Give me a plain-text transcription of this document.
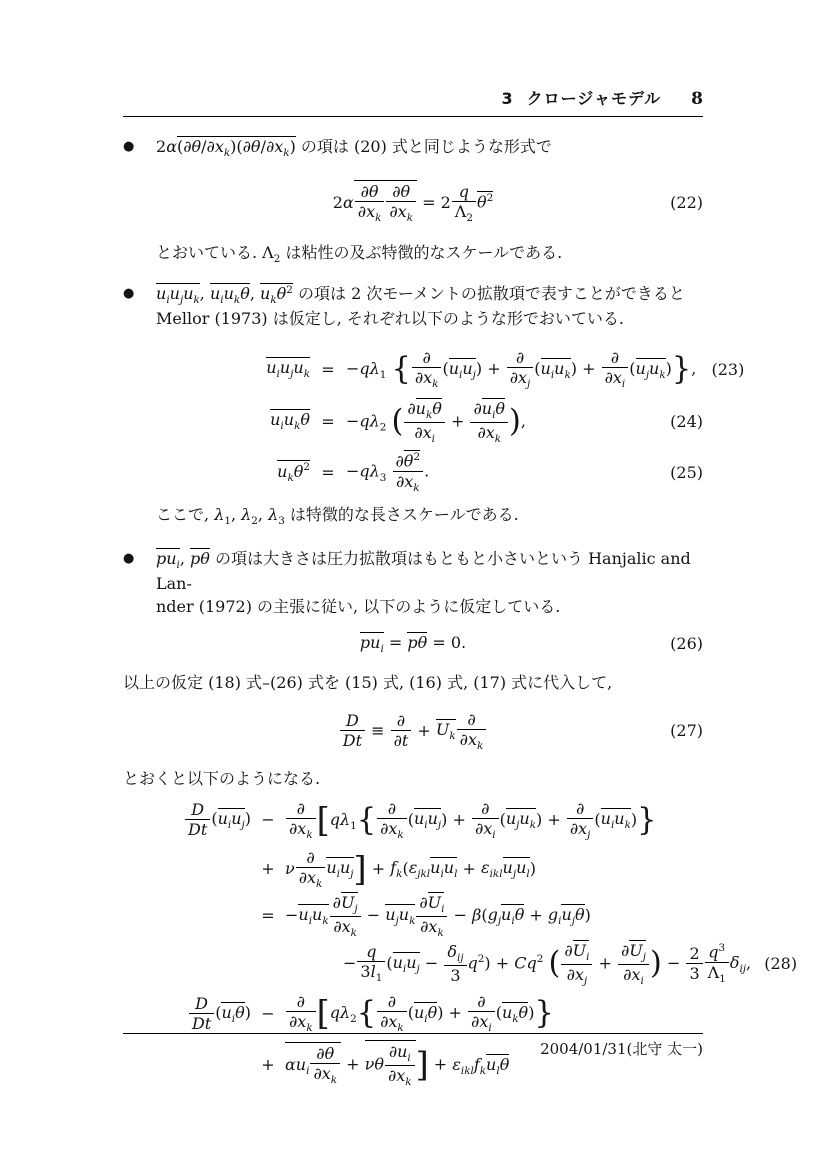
3 クロージャモデル 8
●	$2\alpha(\partial\theta/\partial x_k)(\partial\theta/\partial x_k)$ の項は (20) 式と同じような形式で
$2\alpha \frac{\partial\theta}{\partial x_k} \frac{\partial\theta}{\partial x_k} = 2 \frac{q}{\Lambda_2} \theta^2$	(22)
とおいている. $\Lambda_2$ は粘性の及ぶ特徴的なスケールである.
●	$u_iu_ju_k$, $u_iu_k\theta$, $u_k\theta^2$ の項は 2 次モーメントの拡散項で表すことができると
Mellor (1973) は仮定し, それぞれ以下のような形でおいている.
$u_iu_ju_k = -q\lambda_1$ { $\frac{\partial}{\partial x_k} (u_iu_j) + \frac{\partial}{\partial x_j} (u_iu_k) + \frac{\partial}{\partial x_i} (u_ju_k)$}, (23)
$u_iu_k\theta = -q\lambda_2$ ( $\frac{\partial u_k\theta}{\partial x_i} + \frac{\partial u_i\theta}{\partial x_k}$ ),	(24)
$u_k\theta^2 = -q\lambda_3 \frac{\partial\theta^2}{\partial x_k}$ .	(25)
ここで, $\lambda_1$, $\lambda_2$, $\lambda_3$ は特徴的な長さスケールである.
●	$pu_i$, pθ の項は大きさは圧力拡散項はもともと小さいという Hanjalic and Lan-
nder (1972) の主張に従い, 以下のように仮定している.
$pu_i = p\theta = 0$.	(26)
以上の仮定 (18) 式–(26) 式を (15) 式, (16) 式, (17) 式に代入して,
$\frac{D}{Dt} \equiv \frac{\partial}{\partial t} + U_k \frac{\partial}{\partial x_k}$	(27)
とおくと以下のようになる.
$\frac{D}{Dt} (u_iu_j) - \frac{\partial}{\partial x_k} [q\lambda_1\{ \frac{\partial}{\partial x_k} (u_iu_j) + \frac{\partial}{\partial x_i} (u_ju_k) + \frac{\partial}{\partial x_j} (u_iu_k)\}$
+ ν $\frac{\partial}{\partial x_k} u_iu_j] + f_k(\varepsilon_{jkl}u_iu_l + \varepsilon_{ikl}u_ju_l)$
= $-u_iu_k \frac{\partial U_j}{\partial x_k} - u_ju_k \frac{\partial U_i}{\partial x_k} - \beta(g_ju_i\theta + g_iu_j\theta)$
− $\frac{q}{3l_1} (u_iu_j - \frac{\delta_{ij}}{3} q^2) + Cq^2$ ( $\frac{\partial U_i}{\partial x_j} + \frac{\partial U_j}{\partial x_i}$ ) − $\frac{2}{3} \frac{q^3}{\Lambda_1} \delta_{ij}$, (28)
$\frac{D}{Dt} (u_i\theta) - \frac{\partial}{\partial x_k} [q\lambda_2\{ \frac{\partial}{\partial x_k} (u_i\theta) + \frac{\partial}{\partial x_i} (u_k\theta)\}$
+ $\alpha u_i \frac{\partial\theta}{\partial x_k} + \nu\theta \frac{\partial u_i}{\partial x_k}$ ] + $\varepsilon_{ikl}f_ku_l\theta$
2004/01/31(北守 太一)
